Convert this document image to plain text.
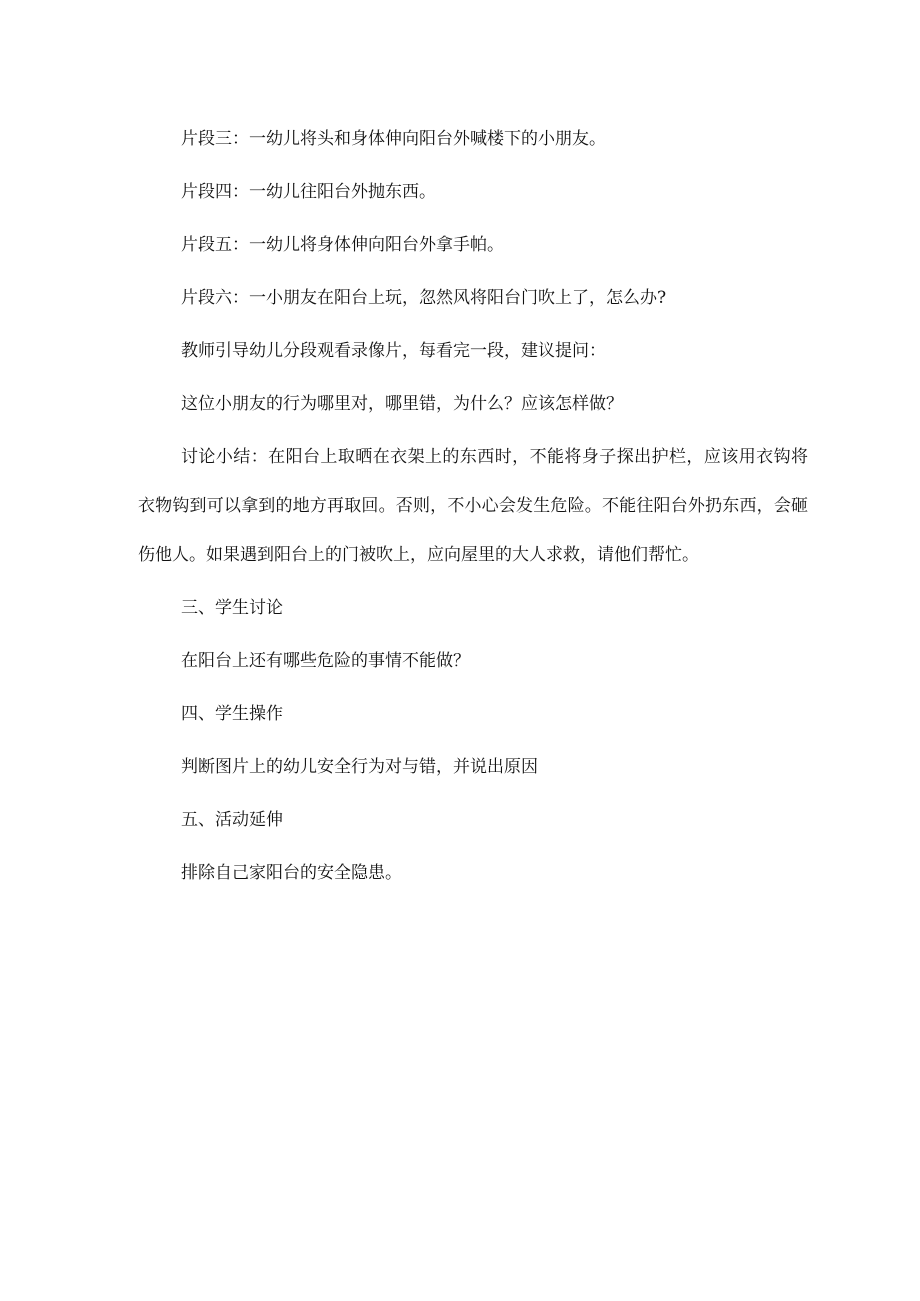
片段三：一幼儿将头和身体伸向阳台外喊楼下的小朋友。

片段四：一幼儿往阳台外抛东西。

片段五：一幼儿将身体伸向阳台外拿手帕。

片段六：一小朋友在阳台上玩，忽然风将阳台门吹上了，怎么办?

教师引导幼儿分段观看录像片，每看完一段，建议提问：

这位小朋友的行为哪里对，哪里错，为什么？应该怎样做？

讨论小结：在阳台上取晒在衣架上的东西时，不能将身子探出护栏，应该用衣钩将衣物钩到可以拿到的地方再取回。否则，不小心会发生危险。不能往阳台外扔东西，会砸伤他人。如果遇到阳台上的门被吹上，应向屋里的大人求救，请他们帮忙。

三、学生讨论

在阳台上还有哪些危险的事情不能做？

四、学生操作

判断图片上的幼儿安全行为对与错，并说出原因

五、活动延伸

排除自己家阳台的安全隐患。
